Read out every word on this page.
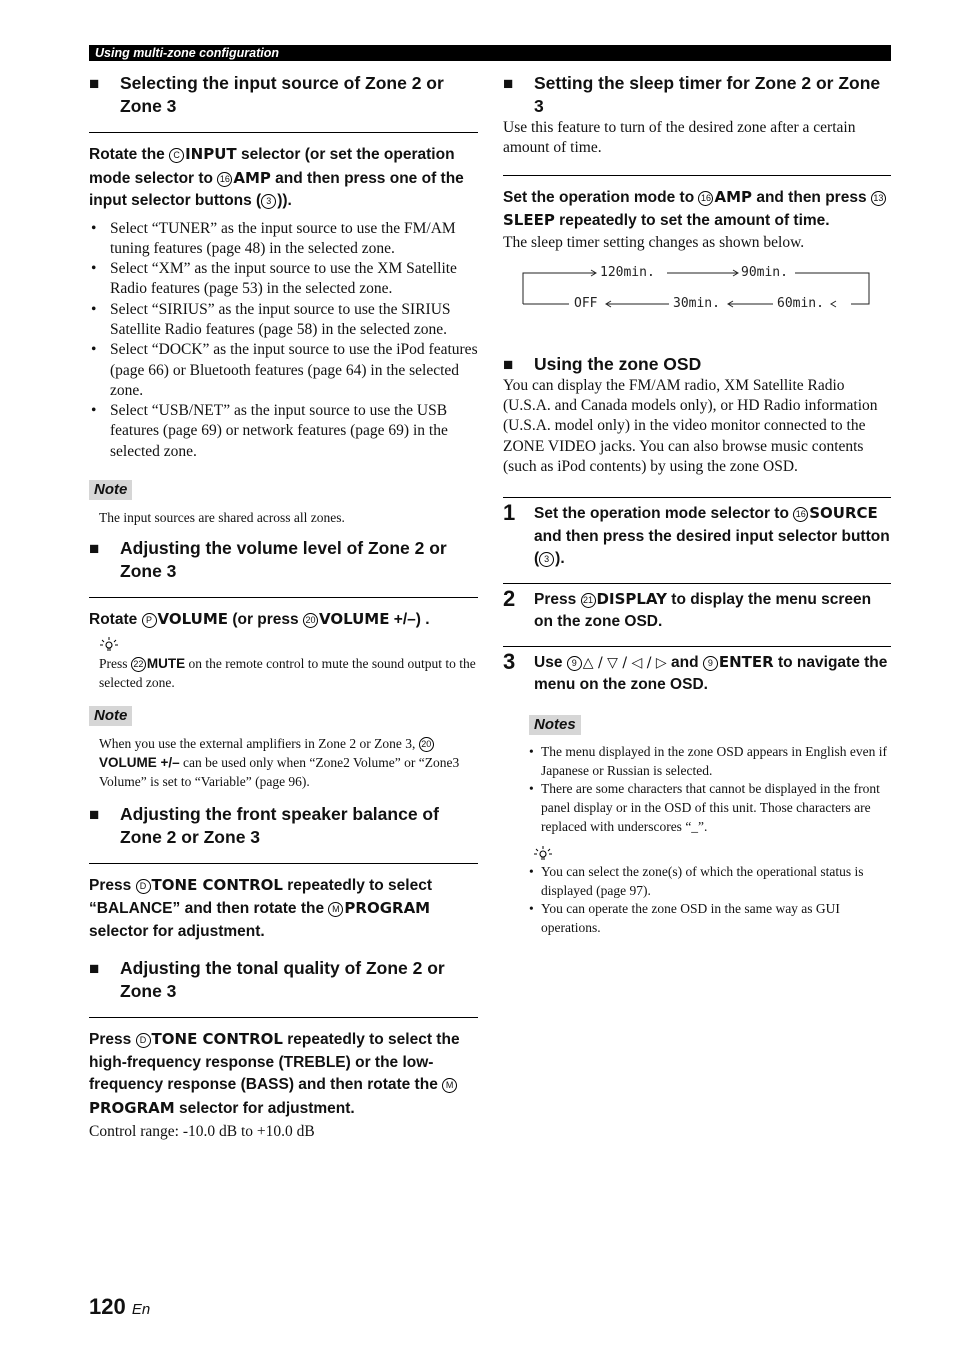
Using multi-zone configuration
■ Selecting the input source of Zone 2 or Zone 3

Rotate the C INPUT selector (or set the operation mode selector to 16 AMP and then press one of the input selector buttons ( 3 )).

• Select “TUNER” as the input source to use the FM/AM tuning features (page 48) in the selected zone.
• Select “XM” as the input source to use the XM Satellite Radio features (page 53) in the selected zone.
• Select “SIRIUS” as the input source to use the SIRIUS Satellite Radio features (page 58) in the selected zone.
• Select “DOCK” as the input source to use the iPod features (page 66) or Bluetooth features (page 64) in the selected zone.
• Select “USB/NET” as the input source to use the USB features (page 69) or network features (page 69) in the selected zone.
Note

The input sources are shared across all zones.

■ Adjusting the volume level of Zone 2 or Zone 3

Rotate P VOLUME (or press 20 VOLUME +/–) .

Press 22 MUTE on the remote control to mute the sound output to the selected zone.

Note

When you use the external amplifiers in Zone 2 or Zone 3, 20VOLUME +/– can be used only when “Zone2 Volume” or “Zone3 Volume” is set to “Variable” (page 96).

■ Adjusting the front speaker balance of Zone 2 or Zone 3

Press D TONE CONTROL repeatedly to select “BALANCE” and then rotate the M PROGRAM selector for adjustment.

■ Adjusting the tonal quality of Zone 2 or Zone 3

Press D TONE CONTROL repeatedly to select the high-frequency response (TREBLE) or the low-frequency response (BASS) and then rotate the MPROGRAM selector for adjustment.

Control range: -10.0 dB to +10.0 dB

■ Setting the sleep timer for Zone 2 or Zone 3

Use this feature to turn of the desired zone after a certain amount of time.

Set the operation mode to 16 AMP and then press 13SLEEP repeatedly to set the amount of time.

The sleep timer setting changes as shown below.

120min.	90min.
OFF	30min.	60min.
■ Using the zone OSD

You can display the FM/AM radio, XM Satellite Radio (U.S.A. and Canada models only), or HD Radio information (U.S.A. model only) in the video monitor connected to the ZONE VIDEO jacks. You can also browse music contents (such as iPod contents) by using the zone OSD.

1 Set the operation mode selector to 16 SOURCE and then press the desired input selector button ( 3 ).

2 Press 21 DISPLAY to display the menu screen on the zone OSD.

3 Use 9 △ / ▽ / ◁ / ▷ and 9 ENTER to navigate the menu on the zone OSD.

Notes
• The menu displayed in the zone OSD appears in English even if Japanese or Russian is selected.
• There are some characters that cannot be displayed in the front panel display or in the OSD of this unit. Those characters are replaced with underscores “_”.
• You can select the zone(s) of which the operational status is displayed (page 97).
• You can operate the zone OSD in the same way as GUI operations.
120 En
